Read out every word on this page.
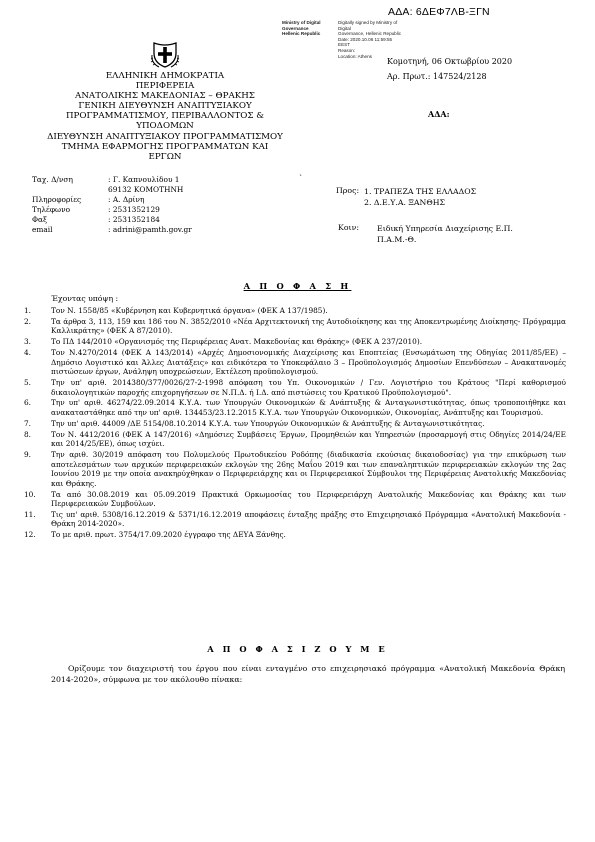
ΑΔΑ: 6ΔΕΦ7ΛΒ-ΞΓΝ
Ministry of Digital
Governance
Hellenic Republic
Digitally signed by Ministry of Digital
Governance, Hellenic Republic
Date: 2020.10.06 11:59:55
EEST
Reason:
Location: Athens
ΕΛΛΗΝΙΚΗ ΔΗΜΟΚΡΑΤΙΑ
ΠΕΡΙΦΕΡΕΙΑ
ΑΝΑΤΟΛΙΚΗΣ ΜΑΚΕΔΟΝΙΑΣ – ΘΡΑΚΗΣ
ΓΕΝΙΚΗ ΔΙΕΥΘΥΝΣΗ ΑΝΑΠΤΥΞΙΑΚΟΥ
ΠΡΟΓΡΑΜΜΑΤΙΣΜΟΥ, ΠΕΡΙΒΑΛΛΟΝΤΟΣ &
ΥΠΟΔΟΜΩΝ
ΔΙΕΥΘΥΝΣΗ ΑΝΑΠΤΥΞΙΑΚΟΥ ΠΡΟΓΡΑΜΜΑΤΙΣΜΟΥ
ΤΜΗΜΑ ΕΦΑΡΜΟΓΗΣ ΠΡΟΓΡΑΜΜΑΤΩΝ ΚΑΙ
ΕΡΓΩΝ
Κομοτηνή, 06 Οκτωβρίου 2020
Αρ. Πρωτ.: 147524/2128
ΑΔΑ:
Ταχ. Δ/νση	: Γ. Καπνουλίδου 1
69132 ΚΟΜΟΤΗΝΗ
Πληροφορίες	: Α. Δρίνη
Τηλέφωνο	: 2531352129
Φαξ	: 2531352184
email	: adrini@pamth.gov.gr
`
Προς: 1. ΤΡΑΠΕΖΑ ΤΗΣ ΕΛΛΑΔΟΣ
2. Δ.Ε.Υ.Α. ΞΑΝΘΗΣ
Κοιν: Ειδική Υπηρεσία Διαχείρισης Ε.Π.
Π.Α.Μ.-Θ.
Α Π Ο Φ Α Σ Η
Έχοντας υπόψη :
1.	Τον Ν. 1558/85 «Κυβέρνηση και Κυβερνητικά όργανα» (ΦΕΚ Α 137/1985).
2.	Τα άρθρα 3, 113, 159 και 186 του Ν. 3852/2010 «Νέα Αρχιτεκτονική της Αυτοδιοίκησης και της Αποκεντρωμένης Διοίκησης- Πρόγραμμα Καλλικράτης» (ΦΕΚ Α 87/2010).
3.	Το ΠΔ 144/2010 «Οργανισμός της Περιφέρειας Ανατ. Μακεδονίας και Θράκης» (ΦΕΚ Α 237/2010).
4.	Τον Ν.4270/2014 (ΦΕΚ Α 143/2014) «Αρχές Δημοσιονομικής Διαχείρισης και Εποπτείας (Ενσωμάτωση της Οδηγίας 2011/85/ΕΕ) – Δημόσιο Λογιστικό και Άλλες Διατάξεις» και ειδικότερα το Υποκεφάλαιο 3 – Προϋπολογισμός Δημοσίων Επενδύσεων – Ανακατανομές πιστώσεων έργων, Ανάληψη υποχρεώσεων, Εκτέλεση προϋπολογισμού.
5.	Την υπ' αριθ. 2014380/377/0026/27-2-1998 απόφαση του Υπ. Οικονομικών / Γεν. Λογιστήριο του Κράτους "Περί καθορισμού δικαιολογητικών παροχής επιχορηγήσεων σε Ν.Π.Δ. ή Ι.Δ. από πιστώσεις του Κρατικού Προϋπολογισμού".
6.	Την υπ' αριθ. 46274/22.09.2014 Κ.Υ.Α. των Υπουργών Οικονομικών & Ανάπτυξης & Ανταγωνιστικότητας, όπως τροποποιήθηκε και ανακαταστάθηκε από την υπ' αριθ. 134453/23.12.2015 Κ.Υ.Α. των Υπουργών Οικονομικών, Οικονομίας, Ανάπτυξης και Τουρισμού.
7.	Την υπ' αριθ. 44009 /ΔΕ 5154/08.10.2014 Κ.Υ.Α. των Υπουργών Οικονομικών & Ανάπτυξης & Ανταγωνιστικότητας.
8.	Τον Ν. 4412/2016 (ΦΕΚ Α 147/2016) «Δημόσιες Συμβάσεις Έργων, Προμηθειών και Υπηρεσιών (προσαρμογή στις Οδηγίες 2014/24/ΕΕ και 2014/25/ΕΕ), όπως ισχύει.
9.	Την αριθ. 30/2019 απόφαση του Πολυμελούς Πρωτοδικείου Ροδόπης (διαδικασία εκούσιας δικαιοδοσίας) για την επικύρωση των αποτελεσμάτων των αρχικών περιφερειακών εκλογών της 26ης Μαΐου 2019 και των επαναληπτικών περιφερειακών εκλογών της 2ας Ιουνίου 2019 με την οποία ανακηρύχθηκαν ο Περιφερειάρχης και οι Περιφερειακοί Σύμβουλοι της Περιφέρειας Ανατολικής Μακεδονίας και Θράκης.
10. Τα από 30.08.2019 και 05.09.2019 Πρακτικά Ορκωμοσίας του Περιφερειάρχη Ανατολικής Μακεδονίας και Θράκης και των Περιφερειακών Συμβούλων.
11. Τις υπ' αριθ. 5308/16.12.2019 & 5371/16.12.2019 αποφάσεις ένταξης πράξης στο Επιχειρησιακό Πρόγραμμα «Ανατολική Μακεδονία - Θράκη 2014-2020».
12. Το με αριθ. πρωτ. 3754/17.09.2020 έγγραφο της ΔΕΥΑ Ξάνθης.
Α Π Ο Φ Α Σ Ι Ζ Ο Υ Μ Ε
Ορίζουμε τον διαχειριστή του έργου που είναι ενταγμένο στο επιχειρησιακό πρόγραμμα «Ανατολική Μακεδονία Θράκη 2014-2020», σύμφωνα με τον ακόλουθο πίνακα:
